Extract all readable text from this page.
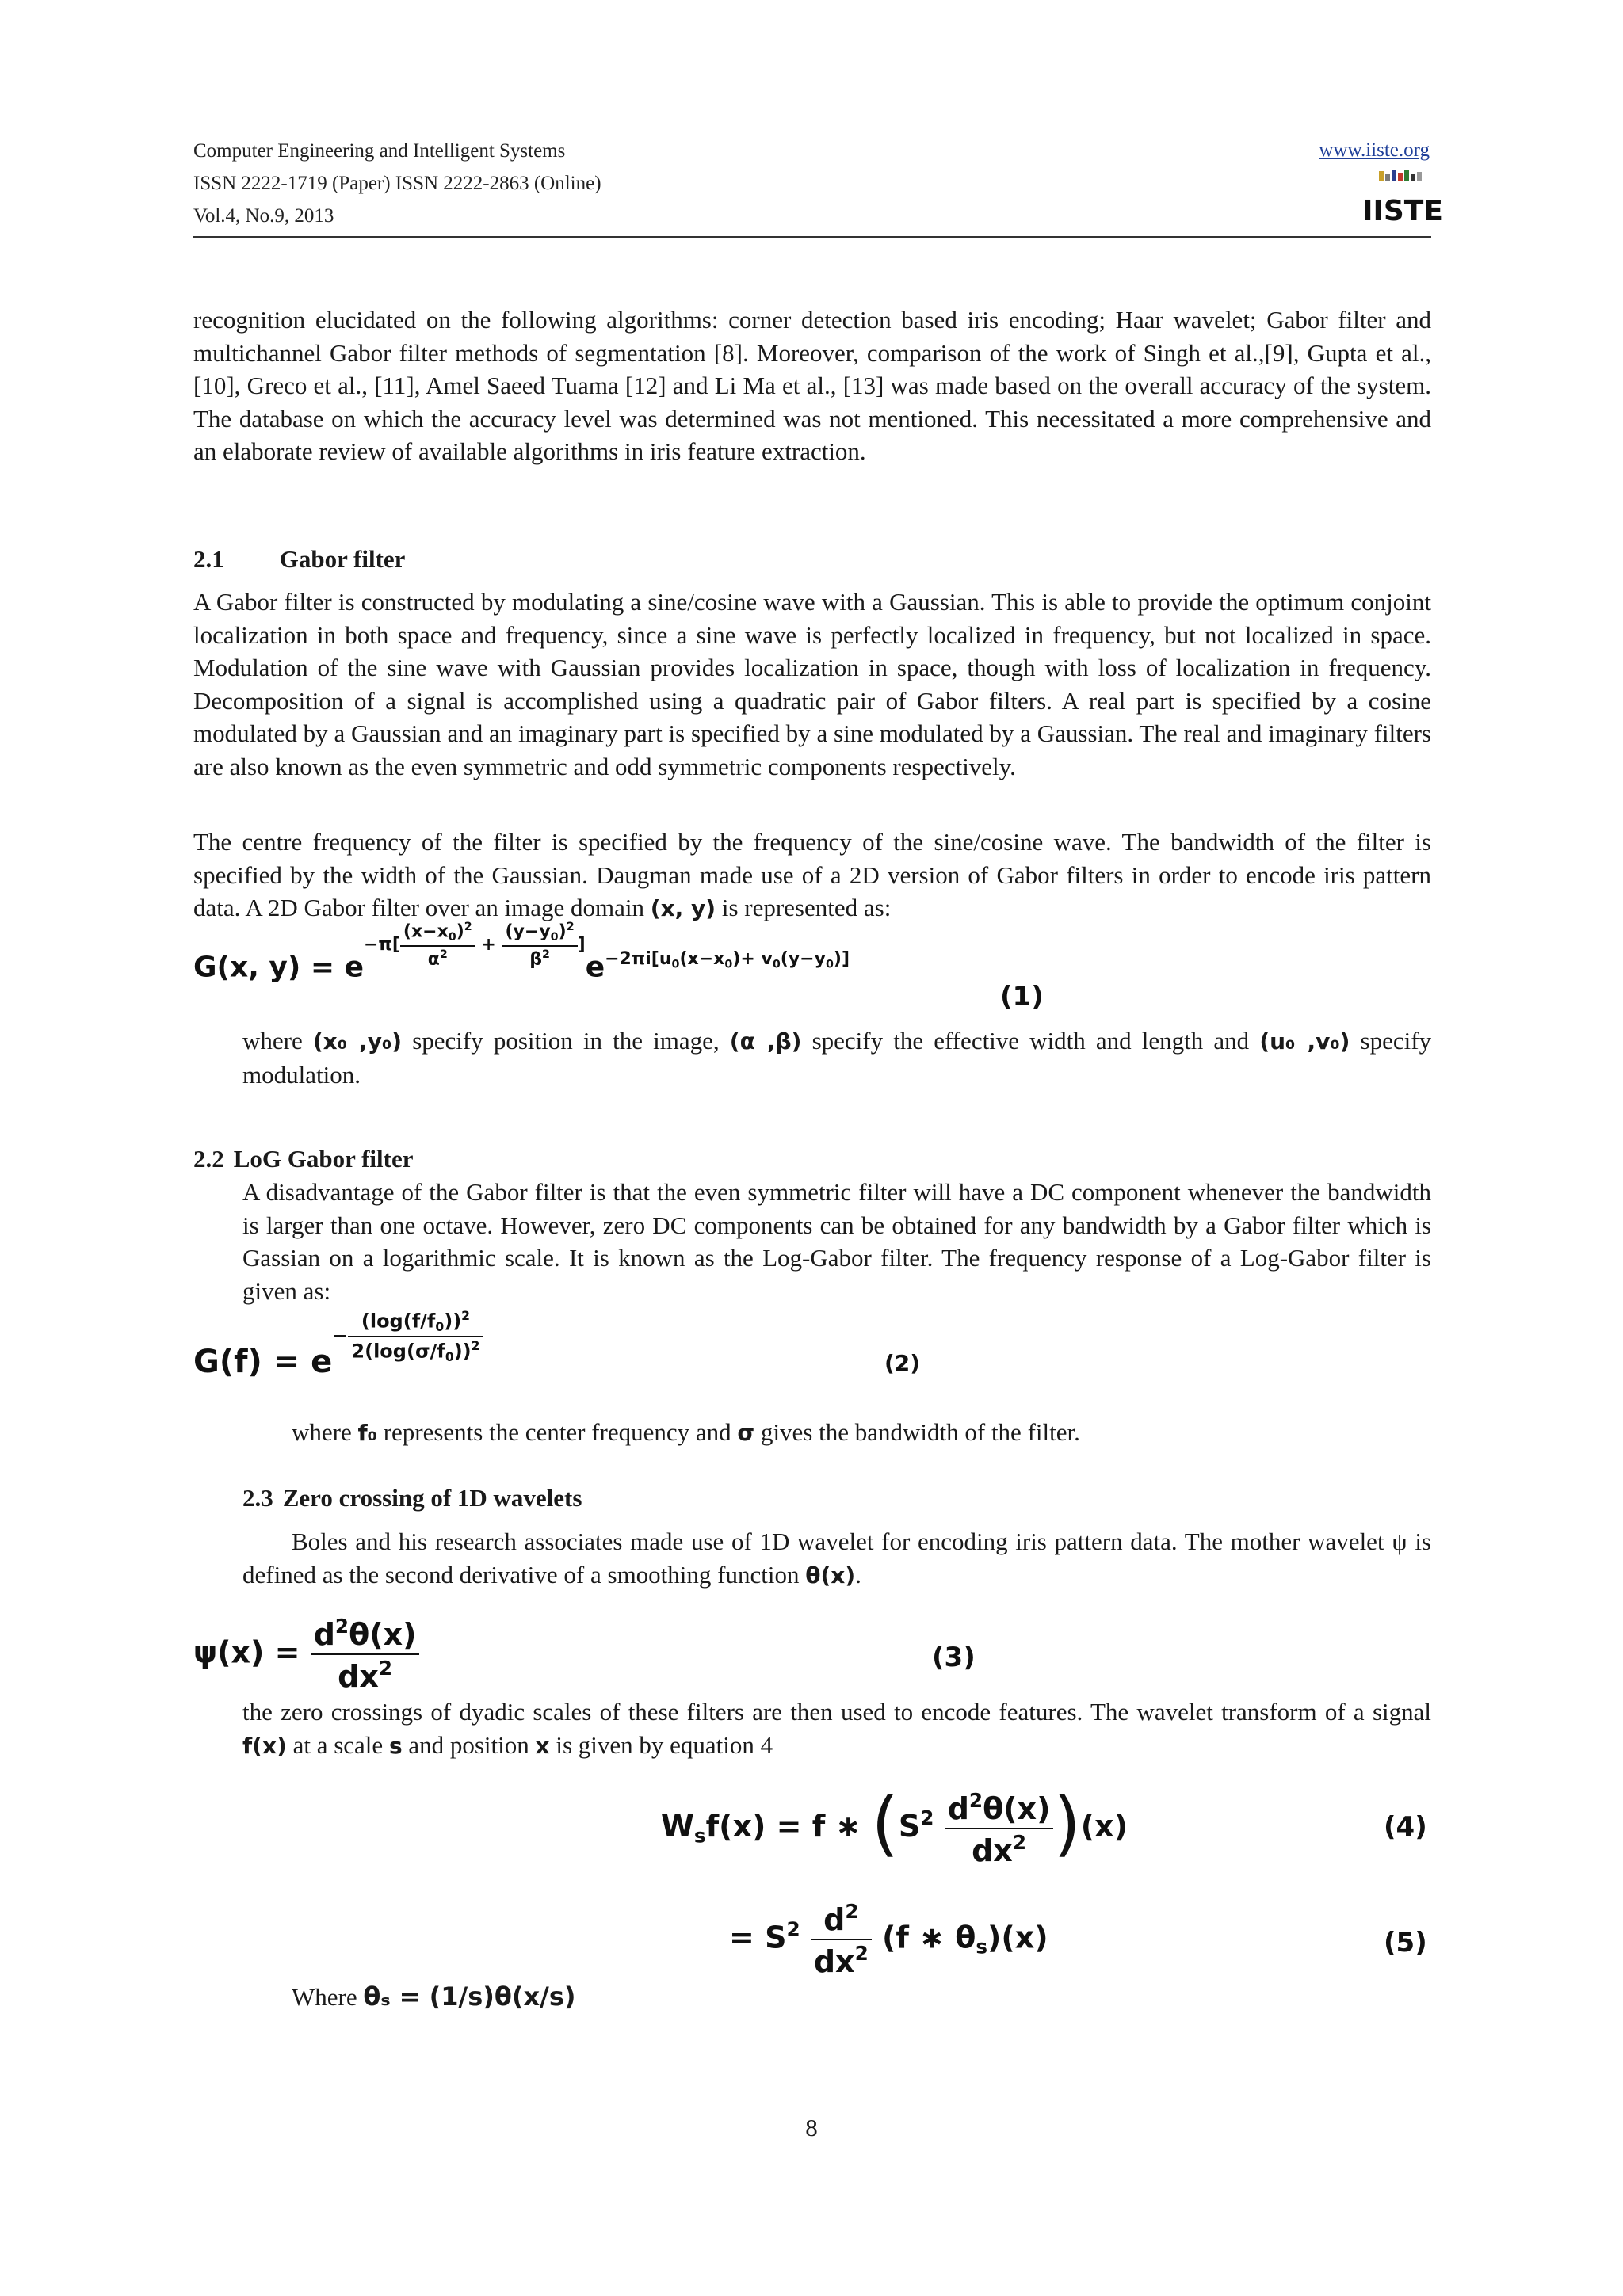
Computer Engineering and Intelligent Systems
ISSN 2222-1719 (Paper) ISSN 2222-2863 (Online)
Vol.4, No.9, 2013
www.iiste.org
IISTE
recognition elucidated on the following algorithms: corner detection based iris encoding; Haar wavelet; Gabor filter and multichannel Gabor filter methods of segmentation [8]. Moreover, comparison of the work of Singh et al.,[9], Gupta et al.,[10], Greco et al., [11], Amel Saeed Tuama [12] and Li Ma et al., [13] was made based on the overall accuracy of the system. The database on which the accuracy level was determined was not mentioned. This necessitated a more comprehensive and an elaborate review of available algorithms in iris feature extraction.
2.1 Gabor filter
A Gabor filter is constructed by modulating a sine/cosine wave with a Gaussian. This is able to provide the optimum conjoint localization in both space and frequency, since a sine wave is perfectly localized in frequency, but not localized in space. Modulation of the sine wave with Gaussian provides localization in space, though with loss of localization in frequency. Decomposition of a signal is accomplished using a quadratic pair of Gabor filters. A real part is specified by a cosine modulated by a Gaussian and an imaginary part is specified by a sine modulated by a Gaussian. The real and imaginary filters are also known as the even symmetric and odd symmetric components respectively.
The centre frequency of the filter is specified by the frequency of the sine/cosine wave. The bandwidth of the filter is specified by the width of the Gaussian. Daugman made use of a 2D version of Gabor filters in order to encode iris pattern data. A 2D Gabor filter over an image domain (x, y) is represented as:
G(x, $y) = e^{-\pi[ \frac{(x-x_0)^2}{\alpha^2} + \frac{(y-y_0)^2}{\beta^2} ]}e^{-2\pi i[u_0(x-x_0)+ v_0(y-y_0)]}$
(1)
where (x₀ ,y₀) specify position in the image, (α ,β) specify the effective width and length and (u₀ ,v₀) specify modulation.
2.2 LoG Gabor filter
A disadvantage of the Gabor filter is that the even symmetric filter will have a DC component whenever the bandwidth is larger than one octave. However, zero DC components can be obtained for any bandwidth by a Gabor filter which is Gassian on a logarithmic scale. It is known as the Log-Gabor filter. The frequency response of a Log-Gabor filter is given as:
$G(f) = e^{- \frac{(\log(f/f_0))^2}{2(\log(\sigma/f_0))^2}}$	(2)
where f₀ represents the center frequency and σ gives the bandwidth of the filter.
2.3 Zero crossing of 1D wavelets
Boles and his research associates made use of 1D wavelet for encoding iris pattern data. The mother wavelet ψ is defined as the second derivative of a smoothing function θ(x).
$\psi(x) = \frac{d^2\theta(x)}{dx^2}$	(3)
the zero crossings of dyadic scales of these filters are then used to encode features. The wavelet transform of a signal f(x) at a scale s and position x is given by equation 4
$W_sf(x) = f$ ∗ $(S^2 \frac{d^2\theta(x)}{dx^2} )(x)$	(4)
= $S^2 \frac{d^2}{dx^2} (f$ ∗ $\theta_s)(x)$	(5)
Where θₛ = (1/s)θ(x/s)
8
